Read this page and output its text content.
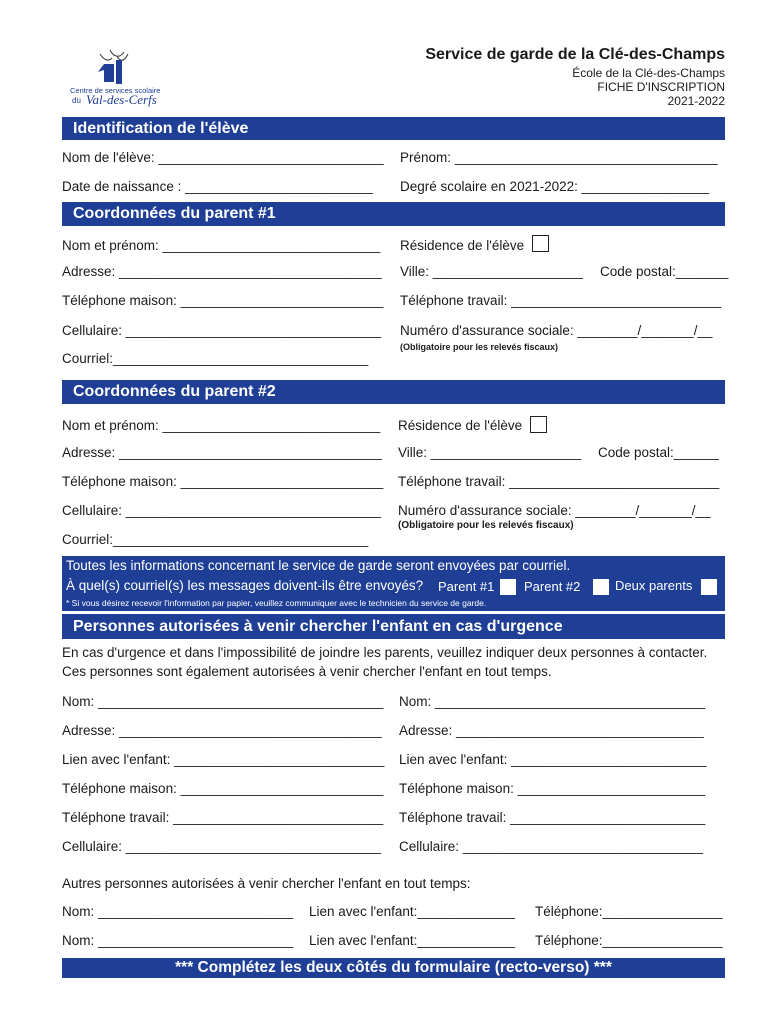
Centre de services scolaire
du Val-des-Cerfs
Service de garde de la Clé-des-Champs
École de la Clé-des-Champs
FICHE D'INSCRIPTION
2021-2022
Identification de l'élève
Nom de l'élève: ______________________________ Prénom: ___________________________________
Date de naissance : _________________________ Degré scolaire en 2021-2022: _________________
Coordonnées du parent #1
Nom et prénom: _____________________________ Résidence de l'élève
Adresse: ___________________________________ Ville: ____________________ Code postal:_______
Téléphone maison: ___________________________ Téléphone travail: ____________________________
Cellulaire: __________________________________ Numéro d'assurance sociale: ________/_______/__
(Obligatoire pour les relevés fiscaux)
Courriel:__________________________________
Coordonnées du parent #2
Nom et prénom: _____________________________ Résidence de l'élève
Adresse: ___________________________________ Ville: ____________________ Code postal:______
Téléphone maison: ___________________________ Téléphone travail: ____________________________
Cellulaire: __________________________________ Numéro d'assurance sociale: ________/_______/__
(Obligatoire pour les relevés fiscaux)
Courriel:__________________________________
Toutes les informations concernant le service de garde seront envoyées par courriel.
À quel(s) courriel(s) les messages doivent-ils être envoyés? Parent #1 Parent #2	Deux parents
* Si vous désirez recevoir l'information par papier, veuillez communiquer avec le technicien du service de garde.
Personnes autorisées à venir chercher l'enfant en cas d'urgence
En cas d'urgence et dans l'impossibilité de joindre les parents, veuillez indiquer deux personnes à contacter.
Ces personnes sont également autorisées à venir chercher l'enfant en tout temps.
Nom: ______________________________________ Nom: ____________________________________
Adresse: ___________________________________ Adresse: _________________________________
Lien avec l'enfant: ____________________________ Lien avec l'enfant: __________________________
Téléphone maison: ___________________________ Téléphone maison: _________________________
Téléphone travail: ____________________________ Téléphone travail: __________________________
Cellulaire: __________________________________ Cellulaire: ________________________________
Autres personnes autorisées à venir chercher l'enfant en tout temps:
Nom: __________________________ Lien avec l'enfant:_____________ Téléphone:________________
Nom: __________________________ Lien avec l'enfant:_____________ Téléphone:________________
*** Complétez les deux côtés du formulaire (recto-verso) ***
